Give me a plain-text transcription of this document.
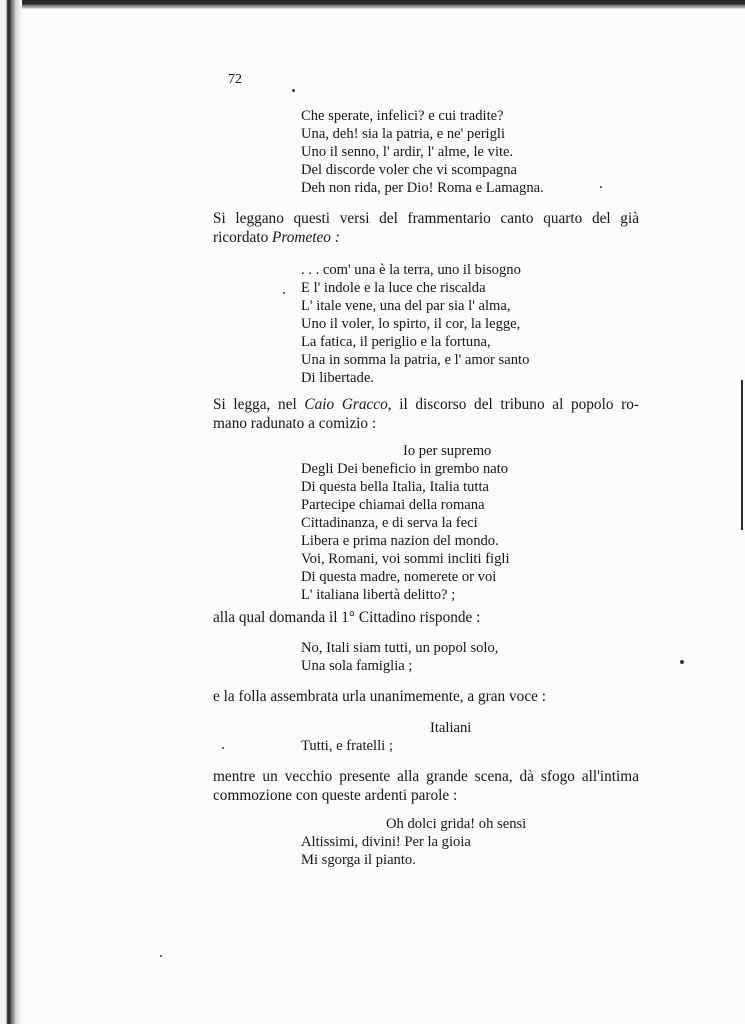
72
Che sperate, infelici? e cui tradite?
Una, deh! sia la patria, e ne' perigli
Uno il senno, l' ardir, l' alme, le vite.
Del discorde voler che vi scompagna
Deh non rida, per Dio! Roma e Lamagna.
Si leggano questi versi del frammentario canto quarto del già
ricordato Prometeo :
. . . com' una è la terra, uno il bisogno
E l' indole e la luce che riscalda
L' itale vene, una del par sia l' alma,
Uno il voler, lo spirto, il cor, la legge,
La fatica, il periglio e la fortuna,
Una in somma la patria, e l' amor santo
Di libertade.
Si legga, nel Caio Gracco, il discorso del tribuno al popolo ro-
mano radunato a comizio :
Io per supremo
Degli Dei beneficio in grembo nato
Di questa bella Italia, Italia tutta
Partecipe chiamai della romana
Cittadinanza, e di serva la feci
Libera e prima nazion del mondo.
Voi, Romani, voi sommi incliti figli
Di questa madre, nomerete or voi
L' italiana libertà delitto? ;
alla qual domanda il 1° Cittadino risponde :
No, Itali siam tutti, un popol solo,
Una sola famiglia ;
e la folla assembrata urla unanimemente, a gran voce :
Italiani
Tutti, e fratelli ;
mentre un vecchio presente alla grande scena, dà sfogo all'intima
commozione con queste ardenti parole :
Oh dolci grida! oh sensi
Altissimi, divini! Per la gioia
Mi sgorga il pianto.
